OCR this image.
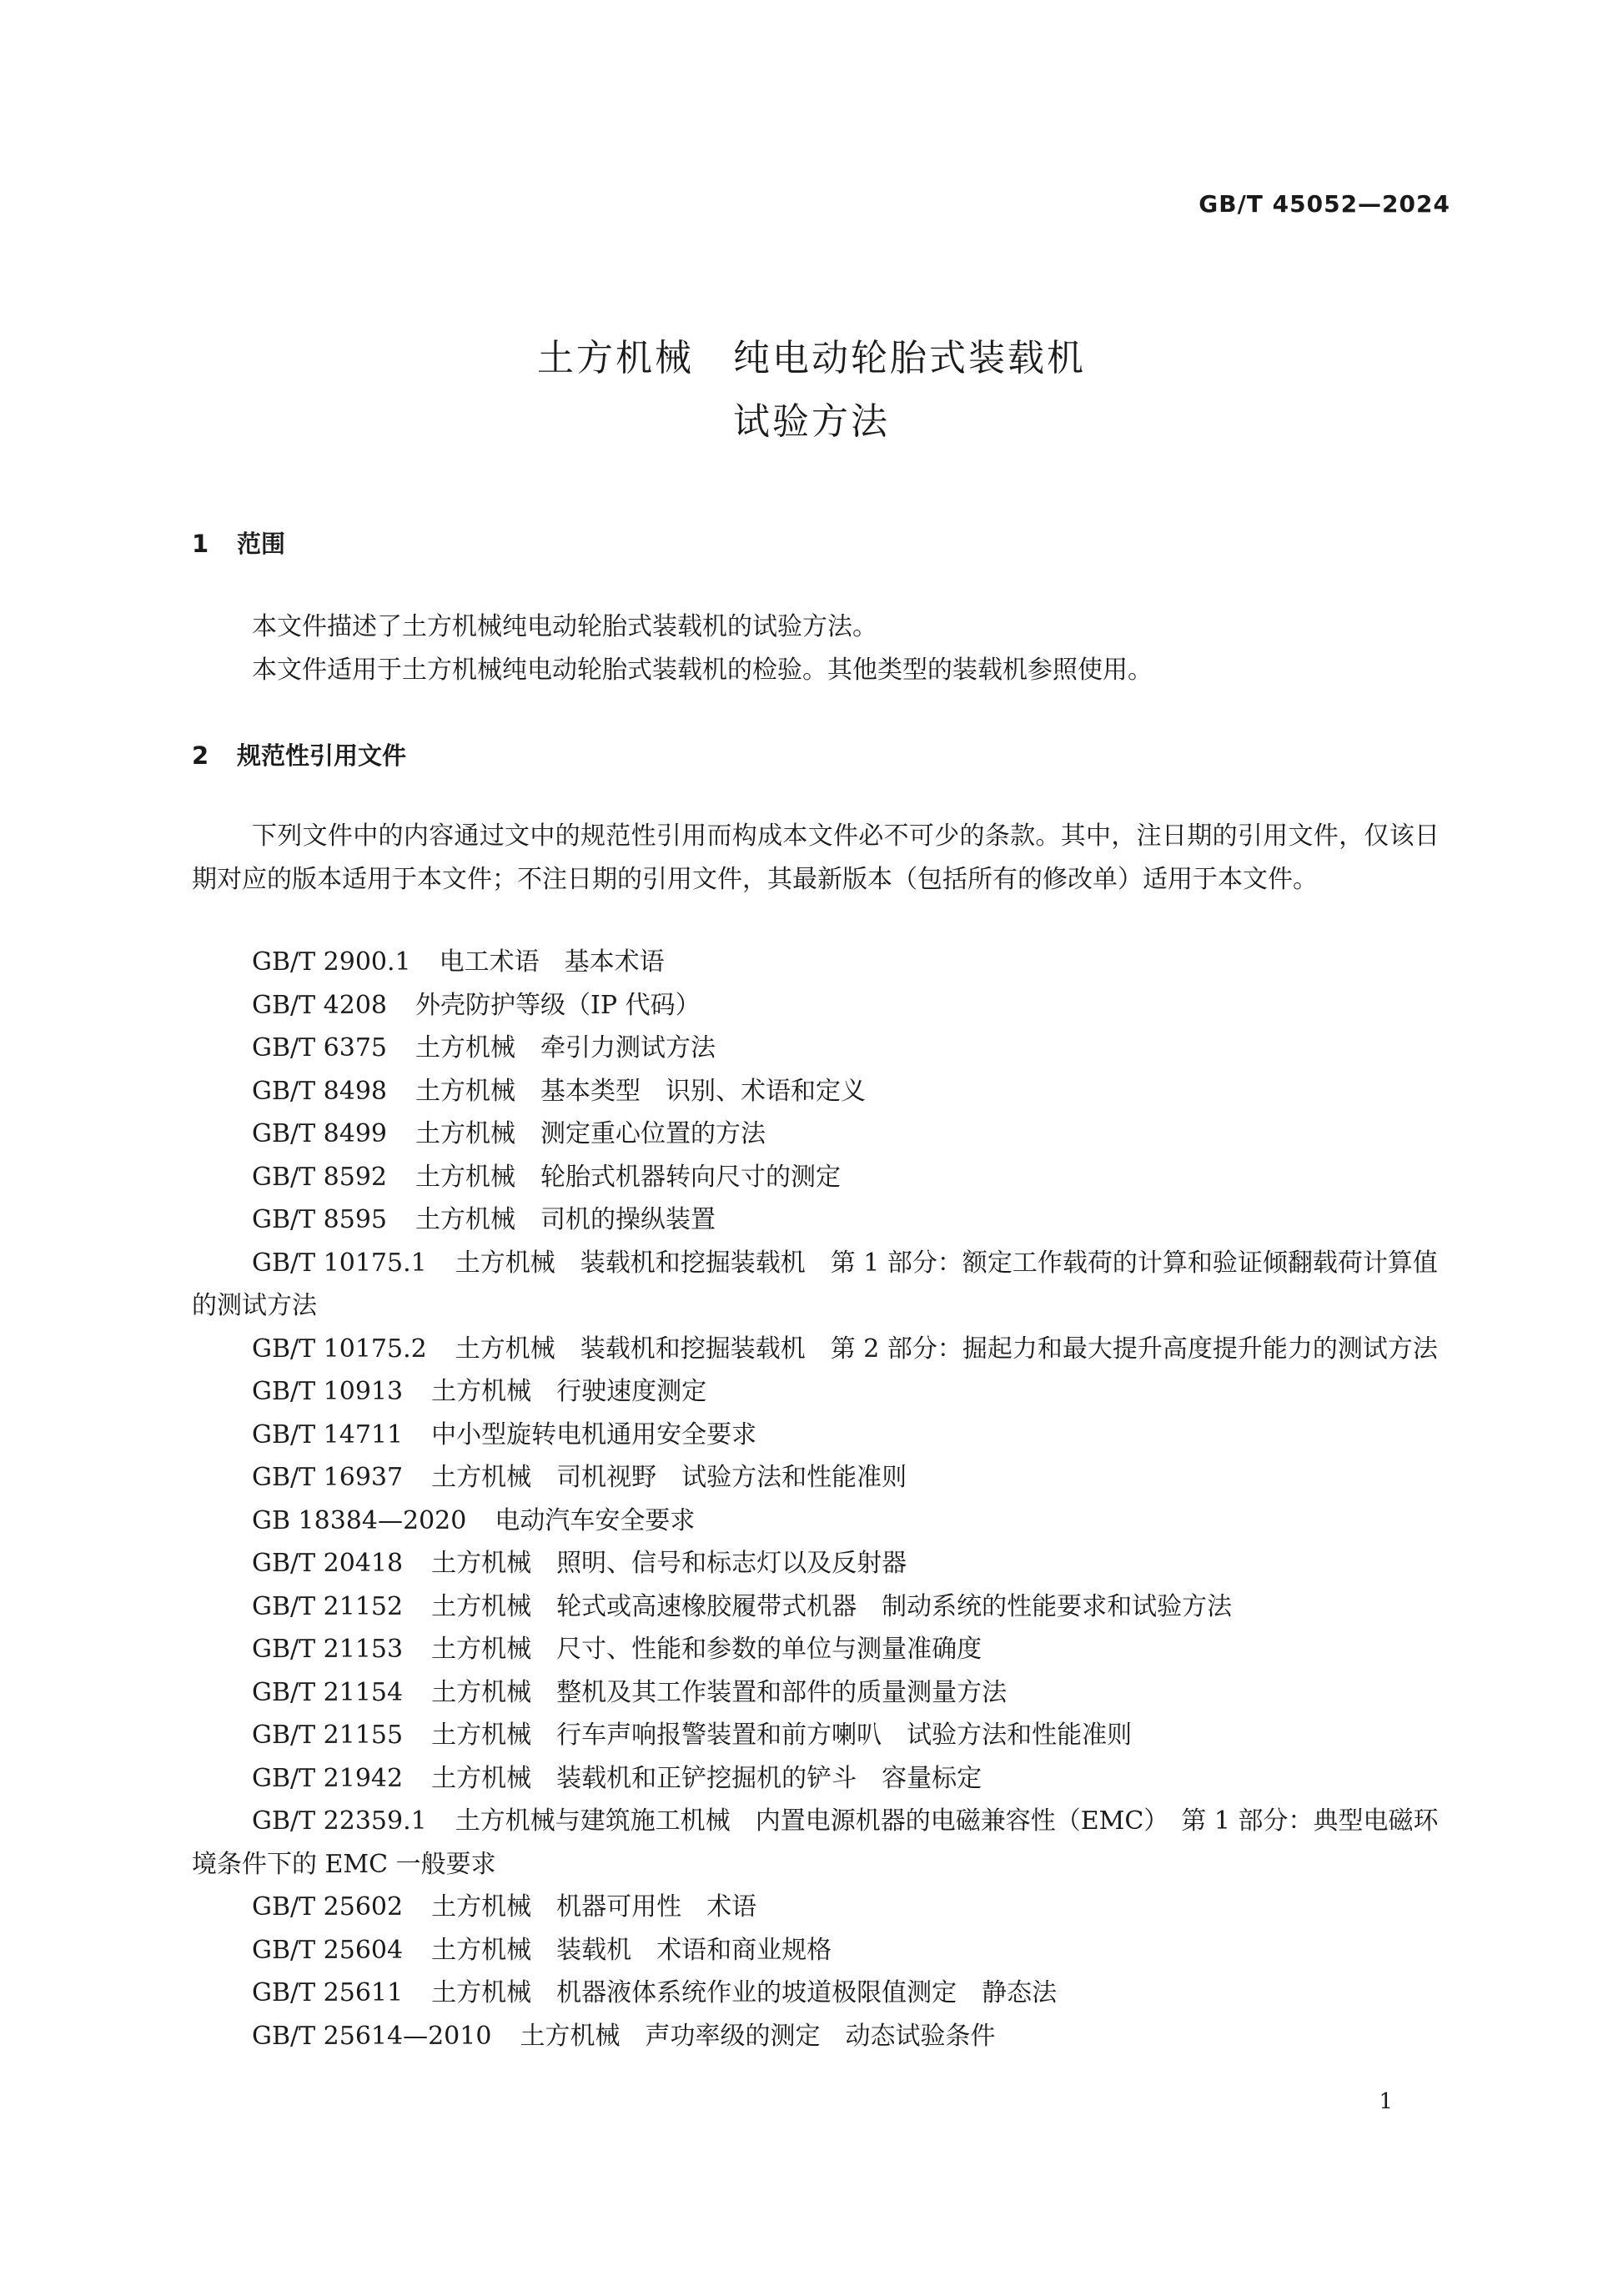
GB/T 45052—2024
土方机械　纯电动轮胎式装载机
试验方法
1 范围

本文件描述了土方机械纯电动轮胎式装载机的试验方法。

本文件适用于土方机械纯电动轮胎式装载机的检验。其他类型的装载机参照使用。

2 规范性引用文件

下列文件中的内容通过文中的规范性引用而构成本文件必不可少的条款。其中，注日期的引用文件，仅该日期对应的版本适用于本文件；不注日期的引用文件，其最新版本（包括所有的修改单）适用于本文件。

GB/T 2900.1 电工术语　基本术语
GB/T 4208 外壳防护等级（IP 代码）
GB/T 6375 土方机械　牵引力测试方法
GB/T 8498 土方机械　基本类型　识别、术语和定义
GB/T 8499 土方机械　测定重心位置的方法
GB/T 8592 土方机械　轮胎式机器转向尺寸的测定
GB/T 8595 土方机械　司机的操纵装置
GB/T 10175.1 土方机械　装载机和挖掘装载机　第 1 部分：额定工作载荷的计算和验证倾翻载荷计算值的测试方法
GB/T 10175.2 土方机械　装载机和挖掘装载机　第 2 部分：掘起力和最大提升高度提升能力的测试方法
GB/T 10913 土方机械　行驶速度测定
GB/T 14711 中小型旋转电机通用安全要求
GB/T 16937 土方机械　司机视野　试验方法和性能准则
GB 18384—2020 电动汽车安全要求
GB/T 20418 土方机械　照明、信号和标志灯以及反射器
GB/T 21152 土方机械　轮式或高速橡胶履带式机器　制动系统的性能要求和试验方法
GB/T 21153 土方机械　尺寸、性能和参数的单位与测量准确度
GB/T 21154 土方机械　整机及其工作装置和部件的质量测量方法
GB/T 21155 土方机械　行车声响报警装置和前方喇叭　试验方法和性能准则
GB/T 21942 土方机械　装载机和正铲挖掘机的铲斗　容量标定
GB/T 22359.1 土方机械与建筑施工机械　内置电源机器的电磁兼容性（EMC）　第 1 部分：典型电磁环境条件下的 EMC 一般要求
GB/T 25602 土方机械　机器可用性　术语
GB/T 25604 土方机械　装载机　术语和商业规格
GB/T 25611 土方机械　机器液体系统作业的坡道极限值测定　静态法
GB/T 25614—2010 土方机械　声功率级的测定　动态试验条件
1
